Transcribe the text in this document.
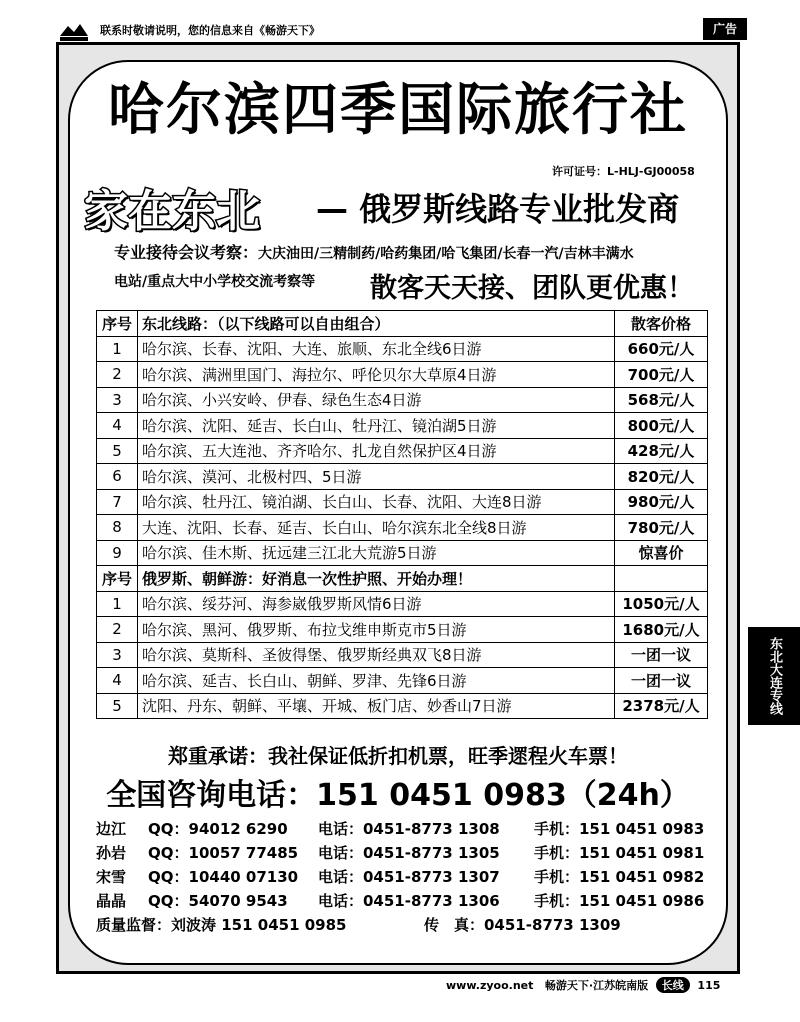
联系时敬请说明，您的信息来自《畅游天下》	广告
哈尔滨四季国际旅行社
许可证号：L-HLJ-GJ00058
家在东北 — 俄罗斯线路专业批发商
专业接待会议考察：大庆油田/三精制药/哈药集团/哈飞集团/长春一汽/吉林丰满水
电站/重点大中小学校交流考察等 散客天天接、团队更优惠！
序号	东北线路：（以下线路可以自由组合）	散客价格
1	哈尔滨、长春、沈阳、大连、旅顺、东北全线6日游	660元/人
2	哈尔滨、满洲里国门、海拉尔、呼伦贝尔大草原4日游	700元/人
3	哈尔滨、小兴安岭、伊春、绿色生态4日游	568元/人
4	哈尔滨、沈阳、延吉、长白山、牡丹江、镜泊湖5日游	800元/人
5	哈尔滨、五大连池、齐齐哈尔、扎龙自然保护区4日游	428元/人
6	哈尔滨、漠河、北极村四、5日游	820元/人
7	哈尔滨、牡丹江、镜泊湖、长白山、长春、沈阳、大连8日游	980元/人
8	大连、沈阳、长春、延吉、长白山、哈尔滨东北全线8日游	780元/人
9	哈尔滨、佳木斯、抚远建三江北大荒游5日游	惊喜价
序号	俄罗斯、朝鲜游：好消息一次性护照、开始办理！	
1	哈尔滨、绥芬河、海参崴俄罗斯风情6日游	1050元/人
2	哈尔滨、黑河、俄罗斯、布拉戈维申斯克市5日游	1680元/人
3	哈尔滨、莫斯科、圣彼得堡、俄罗斯经典双飞8日游	一团一议
4	哈尔滨、延吉、长白山、朝鲜、罗津、先锋6日游	一团一议
5	沈阳、丹东、朝鲜、平壤、开城、板门店、妙香山7日游	2378元/人
郑重承诺：我社保证低折扣机票，旺季遝程火车票！
全国咨询电话：151 0451 0983（24h）
边江 QQ：94012 6290 电话：0451-8773 1308 手机：151 0451 0983
孙岩 QQ：10057 77485 电话：0451-8773 1305 手机：151 0451 0981
宋雪 QQ：10440 07130 电话：0451-8773 1307 手机：151 0451 0982
晶晶 QQ：54070 9543 电话：0451-8773 1306 手机：151 0451 0986
质量监督：刘波涛 151 0451 0985	传　真：0451-8773 1309
www.zyoo.net 畅游天下·江苏皖南版 长线 115
东北大连专线
